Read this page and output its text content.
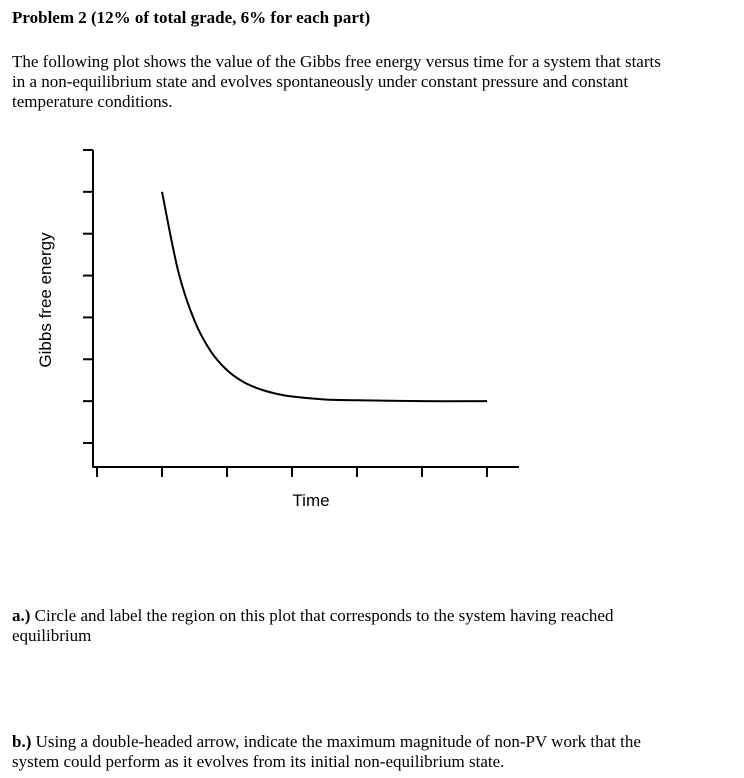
Problem 2 (12% of total grade, 6% for each part)
The following plot shows the value of the Gibbs free energy versus time for a system that starts
in a non-equilibrium state and evolves spontaneously under constant pressure and constant
temperature conditions.
Time
Gibbs free energy
a.) Circle and label the region on this plot that corresponds to the system having reached
equilibrium
b.) Using a double-headed arrow, indicate the maximum magnitude of non-PV work that the
system could perform as it evolves from its initial non-equilibrium state.
